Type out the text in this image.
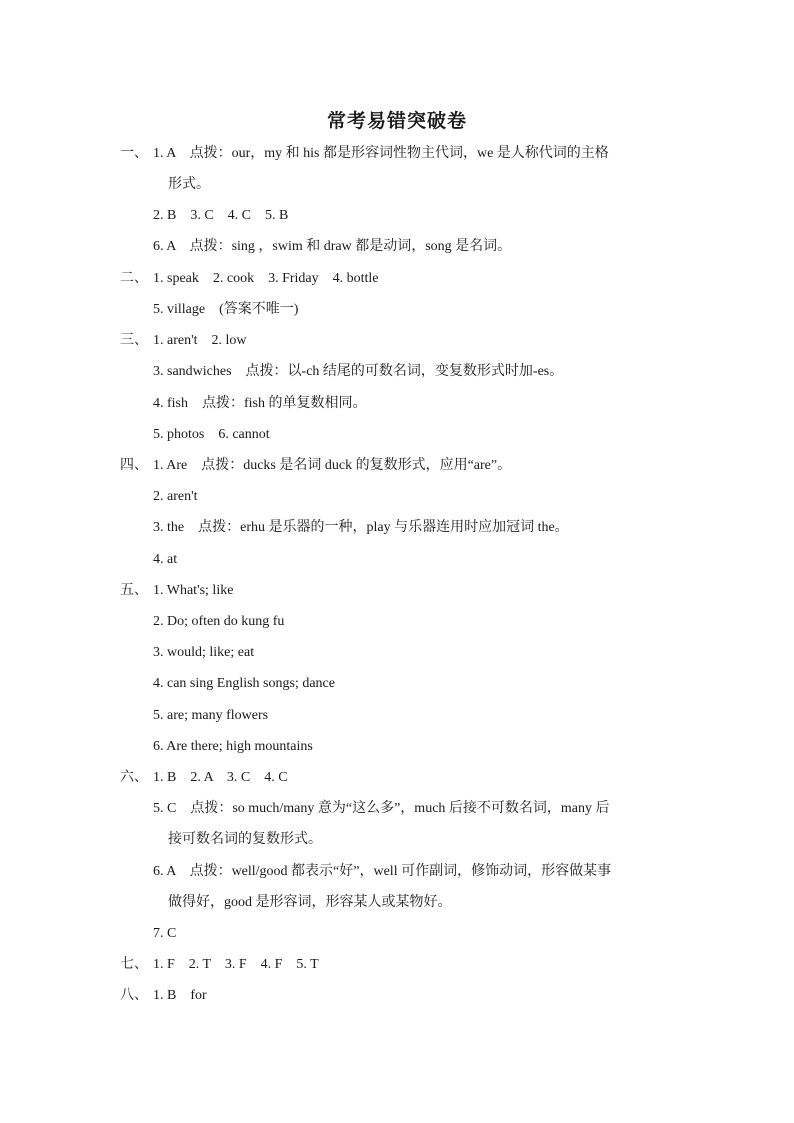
常考易错突破卷
一、 1. A　点拨：our，my 和 his 都是形容词性物主代词，we 是人称代词的主格
形式。
2. B　3. C　4. C　5. B
6. A　点拨：sing ，swim 和 draw 都是动词，song 是名词。
二、 1. speak　2. cook　3. Friday　4. bottle
5. village　(答案不唯一)
三、 1. aren't　2. low
3. sandwiches　点拨：以-ch 结尾的可数名词，变复数形式时加-es。
4. fish　点拨：fish 的单复数相同。
5. photos　6. cannot
四、 1. Are　点拨：ducks 是名词 duck 的复数形式，应用“are”。
2. aren't
3. the　点拨：erhu 是乐器的一种，play 与乐器连用时应加冠词 the。
4. at
五、 1. What's; like
2. Do; often do kung fu
3. would; like; eat
4. can sing English songs; dance
5. are; many flowers
6. Are there; high mountains
六、 1. B　2. A　3. C　4. C
5. C　点拨：so much/many 意为“这么多”，much 后接不可数名词，many 后
接可数名词的复数形式。
6. A　点拨：well/good 都表示“好”，well 可作副词，修饰动词，形容做某事
做得好，good 是形容词，形容某人或某物好。
7. C
七、 1. F　2. T　3. F　4. F　5. T
八、 1. B　for
